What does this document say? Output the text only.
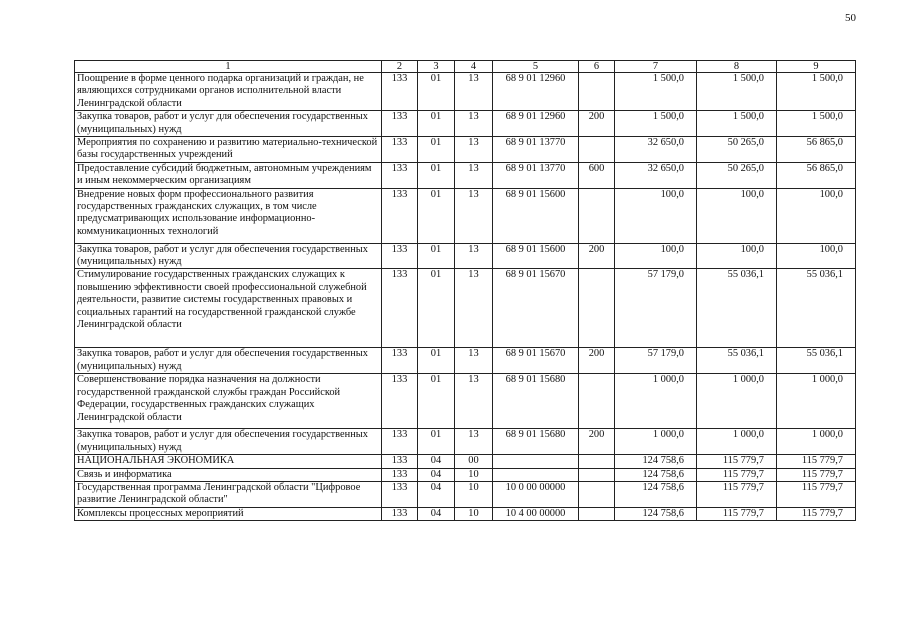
50
1	2	3	4	5	6	7	8	9
Поощрение в форме ценного подарка организаций и граждан, не являющихся сотрудниками органов исполнительной власти Ленинградской области	133	01	13	68 9 01 12960		1 500,0	1 500,0	1 500,0
Закупка товаров, работ и услуг для обеспечения государственных (муниципальных) нужд	133	01	13	68 9 01 12960	200	1 500,0	1 500,0	1 500,0
Мероприятия по сохранению и развитию материально-технической базы государственных учреждений	133	01	13	68 9 01 13770		32 650,0	50 265,0	56 865,0
Предоставление субсидий бюджетным, автономным учреждениям и иным некоммерческим организациям	133	01	13	68 9 01 13770	600	32 650,0	50 265,0	56 865,0
Внедрение новых форм профессионального развития государственных гражданских служащих, в том числе предусматривающих использование информационно-коммуникационных технологий	133	01	13	68 9 01 15600		100,0	100,0	100,0
Закупка товаров, работ и услуг для обеспечения государственных (муниципальных) нужд	133	01	13	68 9 01 15600	200	100,0	100,0	100,0
Стимулирование государственных гражданских служащих к повышению эффективности своей профессиональной служебной деятельности, развитие системы государственных правовых и социальных гарантий на государственной гражданской службе Ленинградской области	133	01	13	68 9 01 15670		57 179,0	55 036,1	55 036,1
Закупка товаров, работ и услуг для обеспечения государственных (муниципальных) нужд	133	01	13	68 9 01 15670	200	57 179,0	55 036,1	55 036,1
Совершенствование порядка назначения на должности государственной гражданской службы граждан Российской Федерации, государственных гражданских служащих Ленинградской области	133	01	13	68 9 01 15680		1 000,0	1 000,0	1 000,0
Закупка товаров, работ и услуг для обеспечения государственных (муниципальных) нужд	133	01	13	68 9 01 15680	200	1 000,0	1 000,0	1 000,0
НАЦИОНАЛЬНАЯ ЭКОНОМИКА	133	04	00			124 758,6	115 779,7	115 779,7
Связь и информатика	133	04	10			124 758,6	115 779,7	115 779,7
Государственная программа Ленинградской области "Цифровое развитие Ленинградской области"	133	04	10	10 0 00 00000		124 758,6	115 779,7	115 779,7
Комплексы процессных мероприятий	133	04	10	10 4 00 00000		124 758,6	115 779,7	115 779,7
